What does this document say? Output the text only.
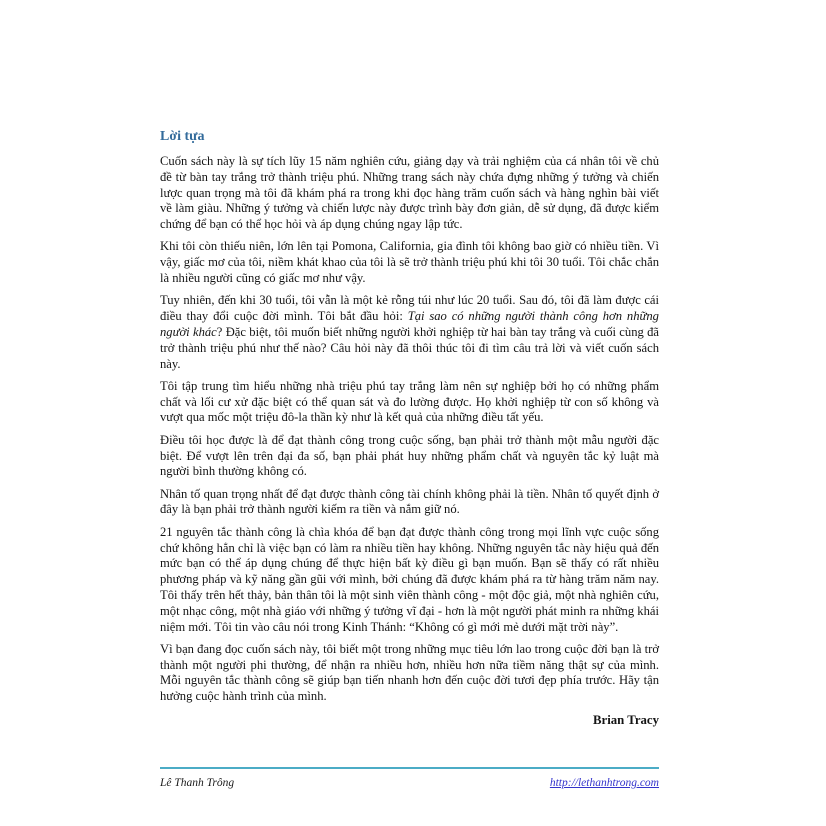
Lời tựa

Cuốn sách này là sự tích lũy 15 năm nghiên cứu, giảng dạy và trải nghiệm của cá nhân tôi về chủ đề từ bàn tay trắng trở thành triệu phú. Những trang sách này chứa đựng những ý tưởng và chiến lược quan trọng mà tôi đã khám phá ra trong khi đọc hàng trăm cuốn sách và hàng nghìn bài viết về làm giàu. Những ý tưởng và chiến lược này được trình bày đơn giản, dễ sử dụng, đã được kiểm chứng để bạn có thể học hỏi và áp dụng chúng ngay lập tức.

Khi tôi còn thiếu niên, lớn lên tại Pomona, California, gia đình tôi không bao giờ có nhiều tiền. Vì vậy, giấc mơ của tôi, niềm khát khao của tôi là sẽ trở thành triệu phú khi tôi 30 tuổi. Tôi chắc chắn là nhiều người cũng có giấc mơ như vậy.

Tuy nhiên, đến khi 30 tuổi, tôi vẫn là một kẻ rỗng túi như lúc 20 tuổi. Sau đó, tôi đã làm được cái điều thay đổi cuộc đời mình. Tôi bắt đầu hỏi: Tại sao có những người thành công hơn những người khác? Đặc biệt, tôi muốn biết những người khởi nghiệp từ hai bàn tay trắng và cuối cùng đã trở thành triệu phú như thế nào? Câu hỏi này đã thôi thúc tôi đi tìm câu trả lời và viết cuốn sách này.

Tôi tập trung tìm hiểu những nhà triệu phú tay trắng làm nên sự nghiệp bởi họ có những phẩm chất và lối cư xử đặc biệt có thể quan sát và đo lường được. Họ khởi nghiệp từ con số không và vượt qua mốc một triệu đô-la thần kỳ như là kết quả của những điều tất yếu.

Điều tôi học được là để đạt thành công trong cuộc sống, bạn phải trở thành một mẫu người đặc biệt. Để vượt lên trên đại đa số, bạn phải phát huy những phẩm chất và nguyên tắc kỷ luật mà người bình thường không có.

Nhân tố quan trọng nhất để đạt được thành công tài chính không phải là tiền. Nhân tố quyết định ở đây là bạn phải trở thành người kiếm ra tiền và nắm giữ nó.

21 nguyên tắc thành công là chìa khóa để bạn đạt được thành công trong mọi lĩnh vực cuộc sống chứ không hẳn chỉ là việc bạn có làm ra nhiều tiền hay không. Những nguyên tắc này hiệu quả đến mức bạn có thể áp dụng chúng để thực hiện bất kỳ điều gì bạn muốn. Bạn sẽ thấy có rất nhiều phương pháp và kỹ năng gần gũi với mình, bởi chúng đã được khám phá ra từ hàng trăm năm nay. Tôi thấy trên hết thảy, bản thân tôi là một sinh viên thành công - một độc giả, một nhà nghiên cứu, một nhạc công, một nhà giáo với những ý tưởng vĩ đại - hơn là một người phát minh ra những khái niệm mới. Tôi tin vào câu nói trong Kinh Thánh: “Không có gì mới mẻ dưới mặt trời này”.

Vì bạn đang đọc cuốn sách này, tôi biết một trong những mục tiêu lớn lao trong cuộc đời bạn là trở thành một người phi thường, để nhận ra nhiều hơn, nhiều hơn nữa tiềm năng thật sự của mình. Mỗi nguyên tắc thành công sẽ giúp bạn tiến nhanh hơn đến cuộc đời tươi đẹp phía trước. Hãy tận hưởng cuộc hành trình của mình.

Brian Tracy

Lê Thanh Trông	http://lethanhtrong.com
